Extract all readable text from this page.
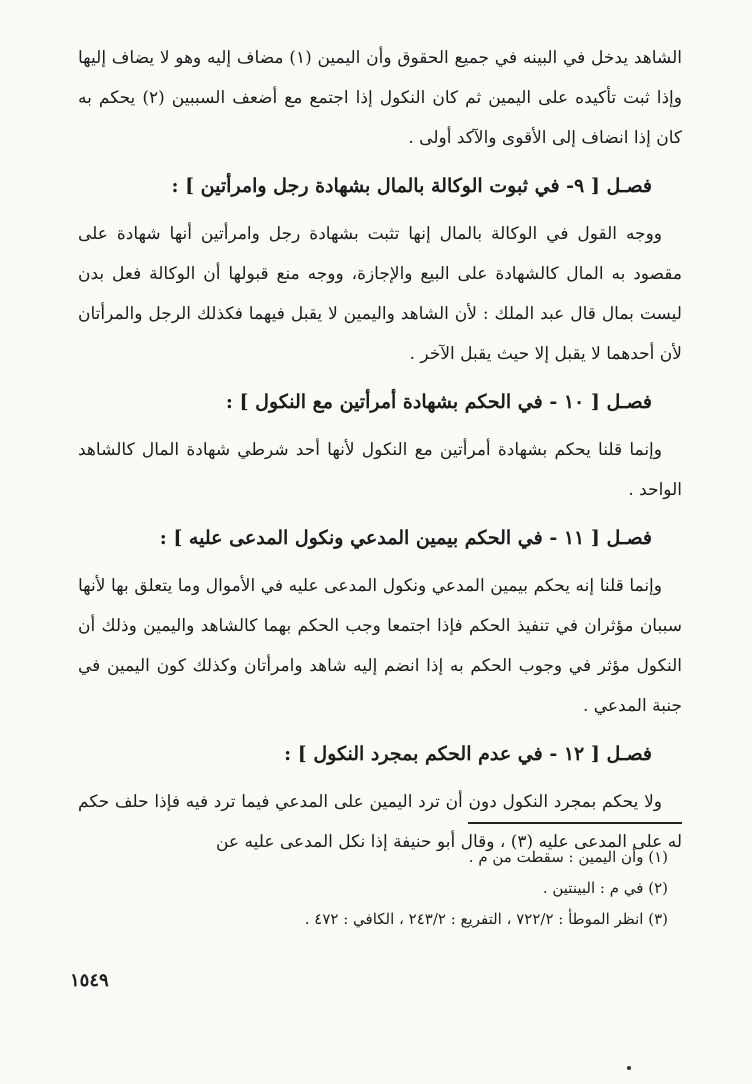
الشاهد يدخل في البينه في جميع الحقوق وأن اليمين (١) مضاف إليه وهو لا يضاف إليها وإذا ثبت تأكيده على اليمين ثم كان النكول إذا اجتمع مع أضعف السببين (٢) يحكم به كان إذا انضاف إلى الأقوى والآكد أولى .

فصـل [ ٩- في ثبوت الوكالة بالمال بشهادة رجل وامرأتين ] :

ووجه القول في الوكالة بالمال إنها تثبت بشهادة رجل وامرأتين أنها شهادة على مقصود به المال كالشهادة على البيع والإجازة، ووجه منع قبولها أن الوكالة فعل بدن ليست بمال قال عبد الملك : لأن الشاهد واليمين لا يقبل فيهما فكذلك الرجل والمرأتان لأن أحدهما لا يقبل إلا حيث يقبل الآخر .

فصـل [ ١٠ - في الحكم بشهادة أمرأتين مع النكول ] :

وإنما قلنا يحكم بشهادة أمرأتين مع النكول لأنها أحد شرطي شهادة المال كالشاهد الواحد .

فصـل [ ١١ - في الحكم بيمين المدعي ونكول المدعى عليه ] :

وإنما قلنا إنه يحكم بيمين المدعي ونكول المدعى عليه في الأموال وما يتعلق بها لأنها سببان مؤثران في تنفيذ الحكم فإذا اجتمعا وجب الحكم بهما كالشاهد واليمين وذلك أن النكول مؤثر في وجوب الحكم به إذا انضم إليه شاهد وامرأتان وكذلك كون اليمين في جنبة المدعي .

فصـل [ ١٢ - في عدم الحكم بمجرد النكول ] :

ولا يحكم بمجرد النكول دون أن ترد اليمين على المدعي فيما ترد فيه فإذا حلف حكم له على المدعى عليه (٣) ، وقال أبو حنيفة إذا نكل المدعى عليه عن

(١) وأن اليمين : سقطت من م .

(٢) في م : البينتين .

(٣) انظر الموطأ : ٧٢٢/٢ ، التفريع : ٢٤٣/٢ ، الكافي : ٤٧٢ .

١٥٤٩
